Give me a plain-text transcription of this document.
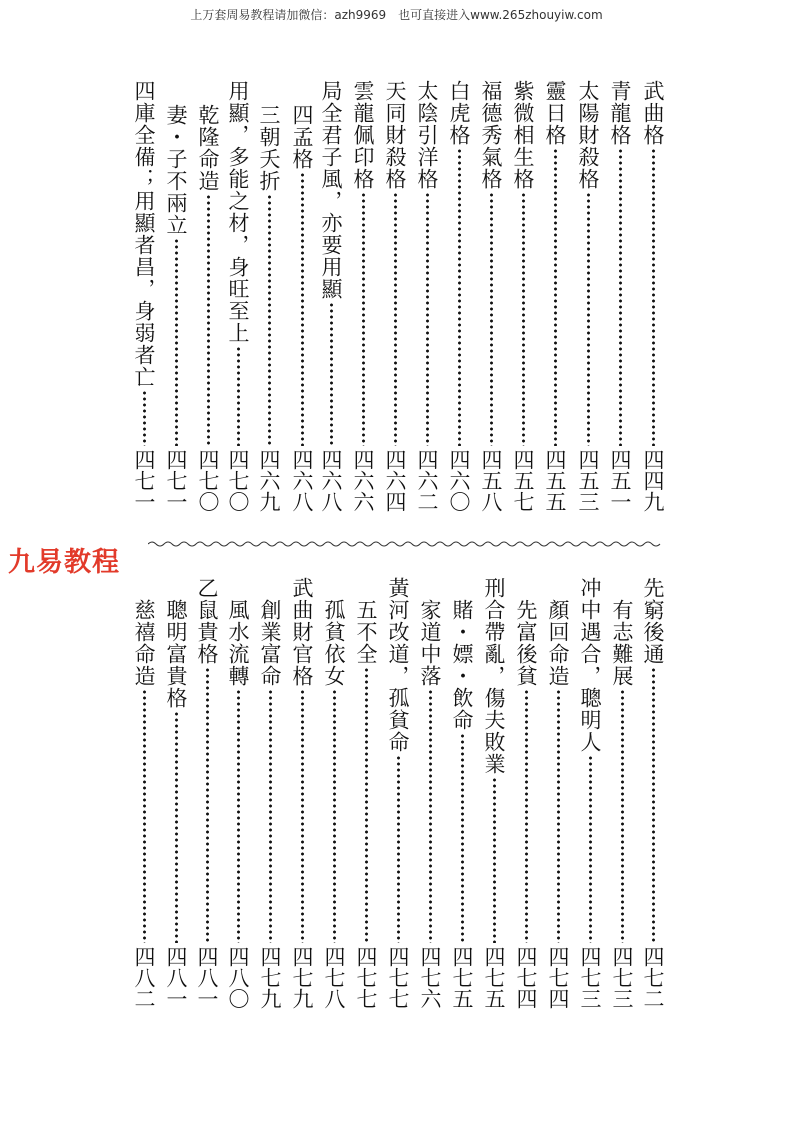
上万套周易教程请加微信：azh9969　也可直接进入www.265zhouyiw.com
武曲格
四四九
青龍格
四五一
太陽財殺格
四五三
靈日格
四五五
紫微相生格
四五七
福德秀氣格
四五八
白虎格
四六〇
太陰引洋格
四六二
天同財殺格
四六四
雲龍佩印格
四六六
局全君子風，亦要用顯
四六八
四孟格
四六八
三朝夭折
四六九
用顯，多能之材，身旺至上
四七〇
乾隆命造
四七〇
妻・子不兩立
四七一
四庫全備；用顯者昌，身弱者亡
四七一
九易教程
先窮後通
四七二
有志難展
四七三
冲中遇合，聰明人
四七三
顏回命造
四七四
先富後貧
四七四
刑合帶亂，傷夫敗業
四七五
賭・嫖・飲命
四七五
家道中落
四七六
黃河改道，孤貧命
四七七
五不全
四七七
孤貧依女
四七八
武曲財官格
四七九
創業富命
四七九
風水流轉
四八〇
乙鼠貴格
四八一
聰明富貴格
四八一
慈禧命造
四八二
